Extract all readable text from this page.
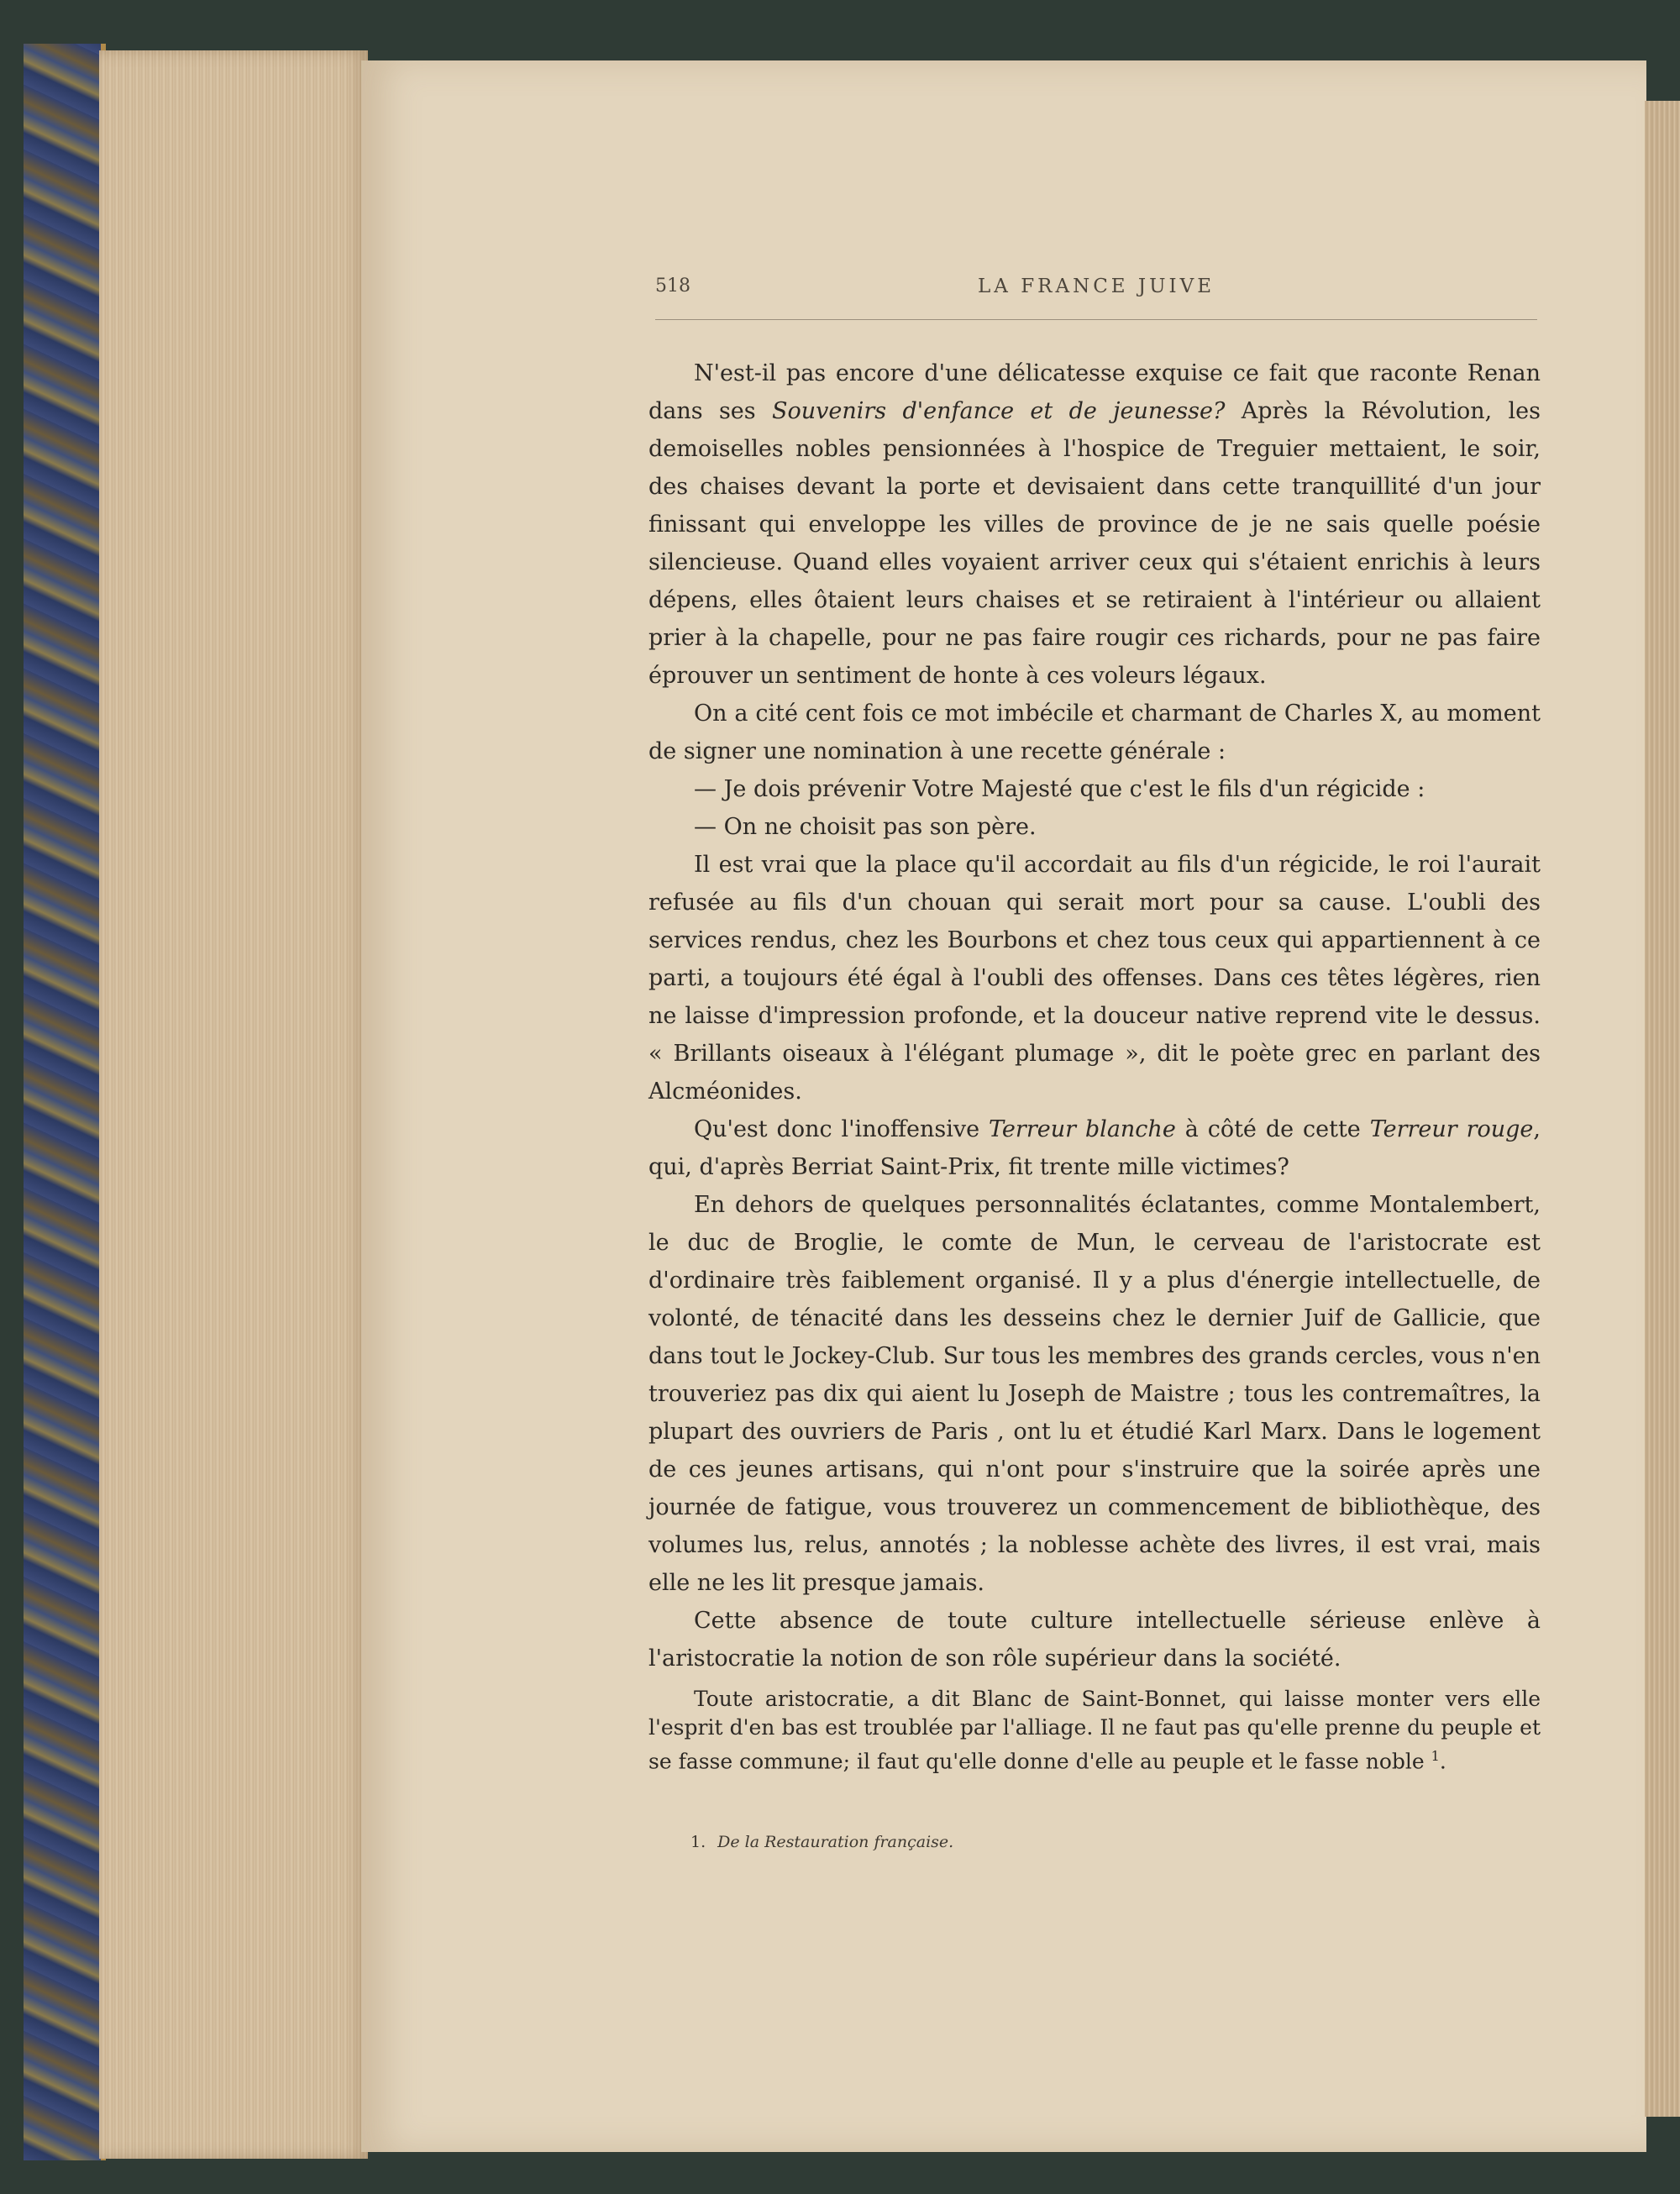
518	LA FRANCE JUIVE

N'est-il pas encore d'une délicatesse exquise ce fait que raconte Renan dans ses Souvenirs d'enfance et de jeunesse? Après la Révolution, les demoiselles nobles pensionnées à l'hospice de Treguier mettaient, le soir, des chaises devant la porte et devisaient dans cette tranquillité d'un jour finissant qui enveloppe les villes de province de je ne sais quelle poésie silencieuse. Quand elles voyaient arriver ceux qui s'étaient enrichis à leurs dépens, elles ôtaient leurs chaises et se retiraient à l'intérieur ou allaient prier à la chapelle, pour ne pas faire rougir ces richards, pour ne pas faire éprouver un sentiment de honte à ces voleurs légaux.

On a cité cent fois ce mot imbécile et charmant de Charles X, au moment de signer une nomination à une recette générale :

— Je dois prévenir Votre Majesté que c'est le fils d'un régicide :

— On ne choisit pas son père.

Il est vrai que la place qu'il accordait au fils d'un régicide, le roi l'aurait refusée au fils d'un chouan qui serait mort pour sa cause. L'oubli des services rendus, chez les Bourbons et chez tous ceux qui appartiennent à ce parti, a toujours été égal à l'oubli des offenses. Dans ces têtes légères, rien ne laisse d'impression profonde, et la douceur native reprend vite le dessus. « Brillants oiseaux à l'élégant plumage », dit le poète grec en parlant des Alcméonides.

Qu'est donc l'inoffensive Terreur blanche à côté de cette Terreur rouge, qui, d'après Berriat Saint-Prix, fit trente mille victimes?

En dehors de quelques personnalités éclatantes, comme Montalembert, le duc de Broglie, le comte de Mun, le cerveau de l'aristocrate est d'ordinaire très faiblement organisé. Il y a plus d'énergie intellectuelle, de volonté, de ténacité dans les desseins chez le dernier Juif de Gallicie, que dans tout le Jockey-Club. Sur tous les membres des grands cercles, vous n'en trouveriez pas dix qui aient lu Joseph de Maistre ; tous les contremaîtres, la plupart des ouvriers de Paris , ont lu et étudié Karl Marx. Dans le logement de ces jeunes artisans, qui n'ont pour s'instruire que la soirée après une journée de fatigue, vous trouverez un commencement de bibliothèque, des volumes lus, relus, annotés ; la noblesse achète des livres, il est vrai, mais elle ne les lit presque jamais.

Cette absence de toute culture intellectuelle sérieuse enlève à l'aristocratie la notion de son rôle supérieur dans la société.

Toute aristocratie, a dit Blanc de Saint-Bonnet, qui laisse monter vers elle l'esprit d'en bas est troublée par l'alliage. Il ne faut pas qu'elle prenne du peuple et se fasse commune; il faut qu'elle donne d'elle au peuple et le fasse noble $^1$.

1. De la Restauration française.
